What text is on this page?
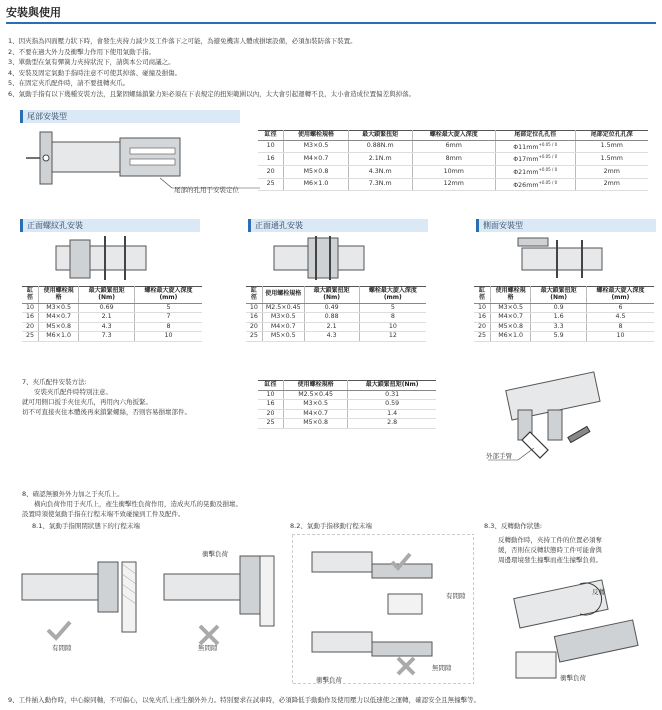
安裝與使用
1、因夾指為四面壓力狀下時，會發生夾持力減少及工件落下之可能，為避免機害人體或損壞設備，必須加裝防落下裝置。
2、不要在過大外力及衝擊力作用下使用氣動手指。
3、單動型在氣有彈簧力夾持狀況下，請與本公司商議之。
4、安裝及固定氣動手指時注意不可使其掉落、碰撞及損傷。
5、在固定夾爪配件時，請不要扭轉夾爪。
6、氣動手指有以下幾種安裝方法，且緊固螺絲鎖緊力矩必須在下表規定的扭矩範圍以內，太大會引起運轉不良，太小會造成位置偏差與掉落。
尾部安裝型
尾部的孔用于安裝定位
缸徑	使用螺栓規格	最大鎖緊扭矩	螺栓最大旋入深度	尾部定位孔孔徑	尾部定位孔孔深
10	M3×0.5	0.88N.m	6mm	$\Phi 11mm^{+0.05 / 0}$	1.5mm
16	M4×0.7	2.1N.m	8mm	$\Phi 17mm^{+0.05 / 0}$	1.5mm
20	M5×0.8	4.3N.m	10mm	$\Phi 21mm^{+0.05 / 0}$	2mm
25	M6×1.0	7.3N.m	12mm	$\Phi 26mm^{+0.05 / 0}$	2mm
正面螺紋孔安裝	正面通孔安裝	側面安裝型
缸徑	使用螺栓規格	最大鎖緊扭矩(Nm)	螺栓最大旋入深度(mm)
10	M3×0.5	0.69	5
16	M4×0.7	2.1	7
20	M5×0.8	4.3	8
25	M6×1.0	7.3	10
缸徑	使用螺栓規格	最大鎖緊扭矩(Nm)	螺栓最大旋入深度(mm)
10	M2.5×0.45	0.49	5
16	M3×0.5	0.88	8
20	M4×0.7	2.1	10
25	M5×0.5	4.3	12
缸徑	使用螺栓規格	最大鎖緊扭矩(Nm)	螺栓最大旋入深度(mm)
10	M3×0.5	0.9	6
16	M4×0.7	1.6	4.5
20	M5×0.8	3.3	8
25	M6×1.0	5.9	10
7、夾爪配件安裝方法:
安裝夾爪配件時特別注意。
就可用側口扳手夾住夾爪，再用內六角扳緊。
切不可直接夾住本體後再來鎖緊螺絲，否則容易損壞部件。
缸徑	使用螺栓規格	最大鎖緊扭矩(Nm)
10	M2.5×0.45	0.31
16	M3×0.5	0.59
20	M4×0.7	1.4
25	M5×0.8	2.8
外部手臂
8、確認無額外外力加之于夾爪上。
橫向負荷作用于夾爪上，產生衝擊性負荷作用，造成夾爪的晃動及損壞。
設置時須使氣動手指在行程末端不致碰撞到工件及配件。
8.1、氣動手指開閉狀態下的行程末端	8.2、氣動手指移動行程末端	8.3、反轉動作狀態:
有間隙	無間隙
衝擊負荷
有間隙
無間隙
衝擊負荷
反轉動作時，夾持工件的位置必須奪
緩，否則在反轉狀態時工件可能會與
周邊環境發生撞擊而產生撞擊負荷。
反轉
衝擊負荷
9、工件插入動作時，中心線同軸，不可偏心，以免夾爪上產生額外外力。特別要求在試車時，必須降低手動動作及使用壓力以低速使之運轉，確認安全且無撞擊等。
